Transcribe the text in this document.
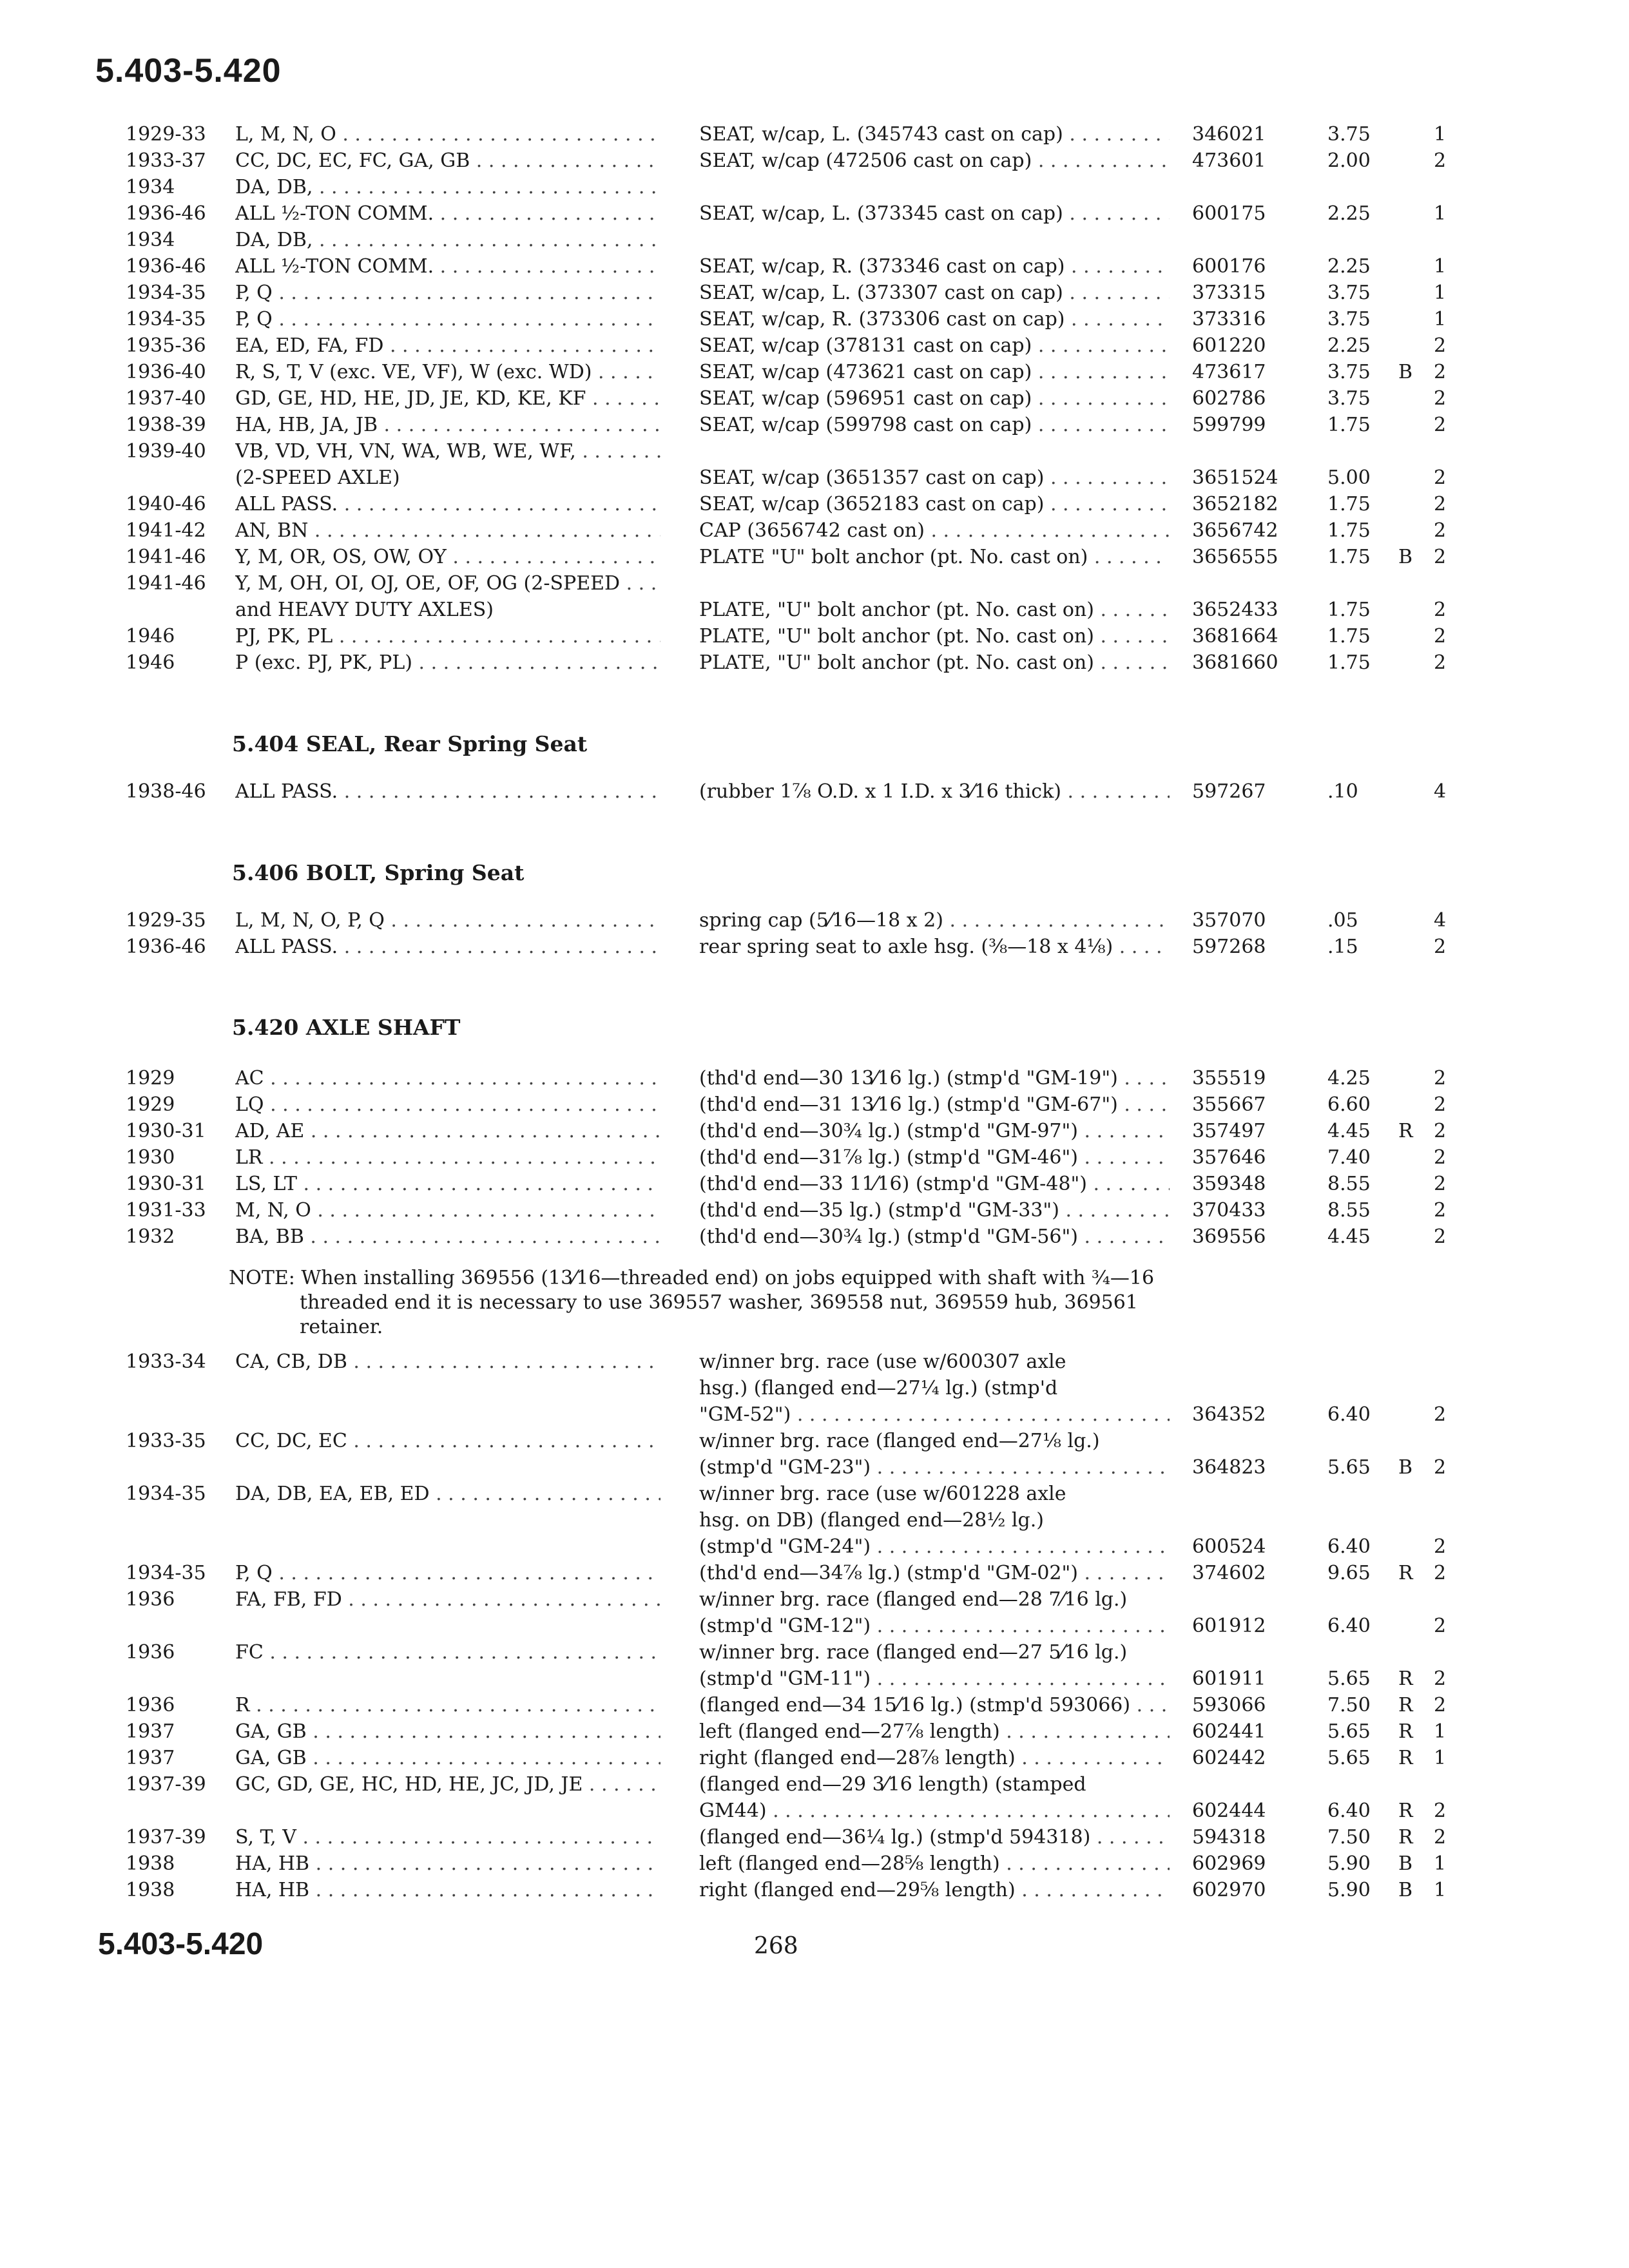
5.403-5.420
1929-33 L, M, N, O . . .	SEAT, w/cap, L. (345743 cast on cap) . . .	346021	3.75	1
1933-37 CC, DC, EC, FC, GA, GB . . .	SEAT, w/cap (472506 cast on cap) . . .	473601	2.00	2
1934	DA, DB, . . .
1936-46 ALL ½-TON COMM. . . .	SEAT, w/cap, L. (373345 cast on cap) . . .	600175	2.25	1
1934	DA, DB, . . .
1936-46 ALL ½-TON COMM. . . .	SEAT, w/cap, R. (373346 cast on cap) . . .	600176	2.25	1
1934-35 P, Q . . .	SEAT, w/cap, L. (373307 cast on cap) . . .	373315	3.75	1
1934-35 P, Q . . .	SEAT, w/cap, R. (373306 cast on cap) . . .	373316	3.75	1
1935-36 EA, ED, FA, FD . . .	SEAT, w/cap (378131 cast on cap) . . .	601220	2.25	2
1936-40 R, S, T, V (exc. VE, VF), W (exc. WD) . . .	SEAT, w/cap (473621 cast on cap) . . .	473617	3.75 B 2
1937-40 GD, GE, HD, HE, JD, JE, KD, KE, KF . . .	SEAT, w/cap (596951 cast on cap) . . .	602786	3.75	2
1938-39 HA, HB, JA, JB . . .	SEAT, w/cap (599798 cast on cap) . . .	599799	1.75	2
1939-40 VB, VD, VH, VN, WA, WB, WE, WF, . . .
(2-SPEED AXLE)	SEAT, w/cap (3651357 cast on cap) . . .	3651524	5.00	2
1940-46 ALL PASS. . . .	SEAT, w/cap (3652183 cast on cap) . . .	3652182	1.75	2
1941-42 AN, BN . . .	CAP (3656742 cast on) . . .	3656742	1.75	2
1941-46 Y, M, OR, OS, OW, OY . . .	PLATE "U" bolt anchor (pt. No. cast on) . . .	3656555	1.75 B 2
1941-46 Y, M, OH, OI, OJ, OE, OF, OG (2-SPEED . . .
and HEAVY DUTY AXLES)	PLATE, "U" bolt anchor (pt. No. cast on) . . .	3652433	1.75	2
1946	PJ, PK, PL . . .	PLATE, "U" bolt anchor (pt. No. cast on) . . .	3681664	1.75	2
1946	P (exc. PJ, PK, PL) . . .	PLATE, "U" bolt anchor (pt. No. cast on) . . .	3681660	1.75	2
5.404 SEAL, Rear Spring Seat
1938-46 ALL PASS. . . .	(rubber 1⅞ O.D. x 1 I.D. x 3⁄16 thick) . . .	597267	.10	4
5.406 BOLT, Spring Seat
1929-35 L, M, N, O, P, Q . . .	spring cap (5⁄16—18 x 2) . . .	357070	.05	4
1936-46 ALL PASS. . . .	rear spring seat to axle hsg. (⅜—18 x 4⅛) . . .	597268	.15	2
5.420 AXLE SHAFT
1929	AC . . .	(thd'd end—30 13⁄16 lg.) (stmp'd "GM-19") . . .	355519	4.25	2
1929	LQ . . .	(thd'd end—31 13⁄16 lg.) (stmp'd "GM-67") . . .	355667	6.60	2
1930-31 AD, AE . . .	(thd'd end—30¾ lg.) (stmp'd "GM-97") . . .	357497	4.45 R 2
1930	LR . . .	(thd'd end—31⅞ lg.) (stmp'd "GM-46") . . .	357646	7.40	2
1930-31 LS, LT . . .	(thd'd end—33 11⁄16) (stmp'd "GM-48") . . .	359348	8.55	2
1931-33 M, N, O . . .	(thd'd end—35 lg.) (stmp'd "GM-33") . . .	370433	8.55	2
1932	BA, BB . . .	(thd'd end—30¾ lg.) (stmp'd "GM-56") . . .	369556	4.45	2
NOTE: When installing 369556 (13⁄16—threaded end) on jobs equipped with shaft with ¾—16
threaded end it is necessary to use 369557 washer, 369558 nut, 369559 hub, 369561
retainer.
1933-34 CA, CB, DB . . .	w/inner brg. race (use w/600307 axle
hsg.) (flanged end—27¼ lg.) (stmp'd
"GM-52") . . .	364352	6.40	2
1933-35 CC, DC, EC . . .	w/inner brg. race (flanged end—27⅛ lg.)
(stmp'd "GM-23") . . .	364823	5.65 B 2
1934-35 DA, DB, EA, EB, ED . . .	w/inner brg. race (use w/601228 axle
hsg. on DB) (flanged end—28½ lg.)
(stmp'd "GM-24") . . .	600524	6.40	2
1934-35 P, Q . . .	(thd'd end—34⅞ lg.) (stmp'd "GM-02") . . .	374602	9.65 R 2
1936	FA, FB, FD . . .	w/inner brg. race (flanged end—28 7⁄16 lg.)
(stmp'd "GM-12") . . .	601912	6.40	2
1936	FC . . .	w/inner brg. race (flanged end—27 5⁄16 lg.)
(stmp'd "GM-11") . . .	601911	5.65 R 2
1936	R . . .	(flanged end—34 15⁄16 lg.) (stmp'd 593066) . . .	593066	7.50 R 2
1937	GA, GB . . .	left (flanged end—27⅞ length) . . .	602441	5.65 R 1
1937	GA, GB . . .	right (flanged end—28⅞ length) . . .	602442	5.65 R 1
1937-39 GC, GD, GE, HC, HD, HE, JC, JD, JE . . .	(flanged end—29 3⁄16 length) (stamped
GM44) . . .	602444	6.40 R 2
1937-39 S, T, V . . .	(flanged end—36¼ lg.) (stmp'd 594318) . . .	594318	7.50 R 2
1938	HA, HB . . .	left (flanged end—28⅝ length) . . .	602969	5.90 B 1
1938	HA, HB . . .	right (flanged end—29⅝ length) . . .	602970	5.90 B 1
5.403-5.420	268
